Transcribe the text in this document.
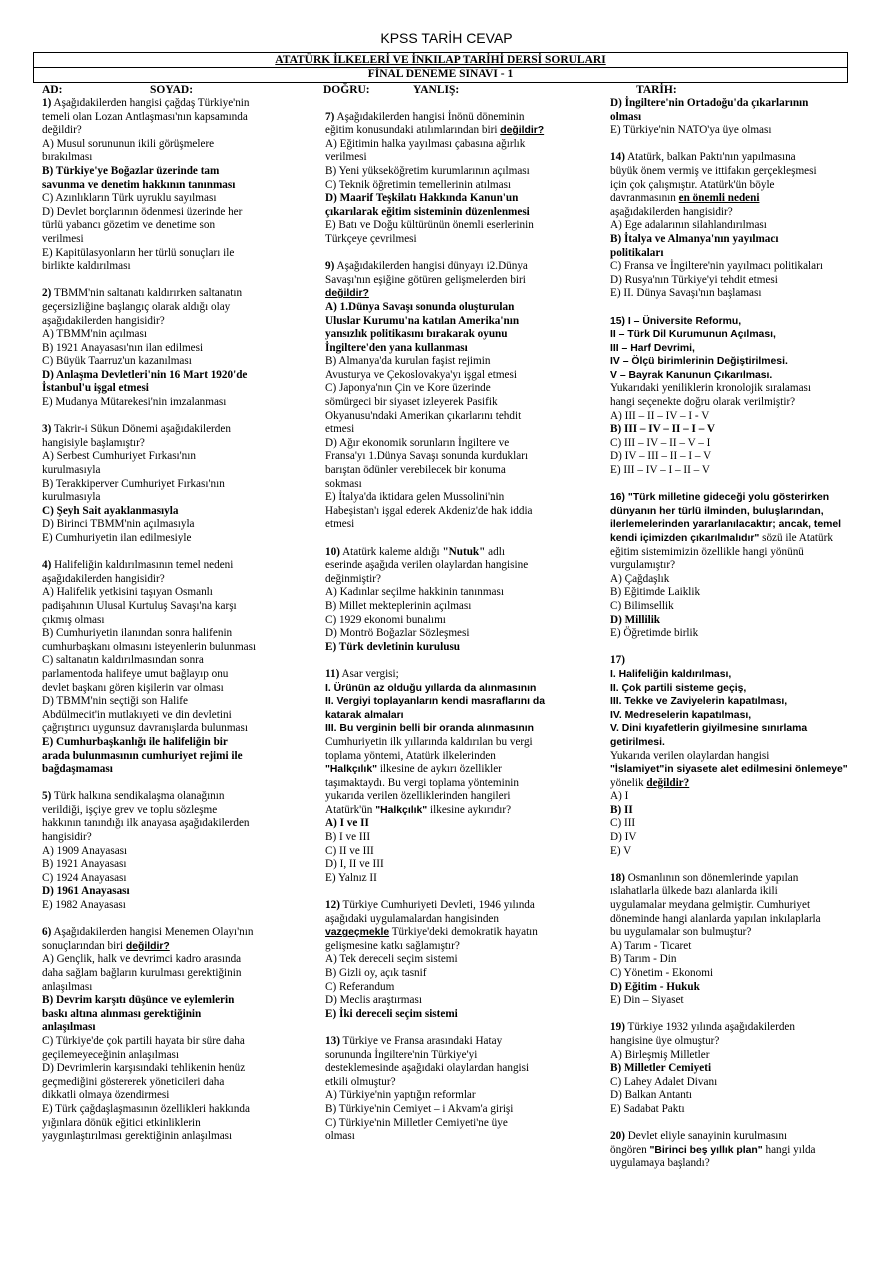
KPSS TARİH CEVAP
ATATÜRK İLKELERİ VE İNKILAP TARİHİ DERSİ SORULARI
FİNAL DENEME SINAVI - 1
AD:	SOYAD:	DOĞRU:	YANLIŞ:	TARİH:
1) Aşağıdakilerden hangisi çağdaş Türkiye'nin
temeli olan Lozan Antlaşması'nın kapsamında
değildir?
A) Musul sorununun ikili görüşmelere
bırakılması
B) Türkiye'ye Boğazlar üzerinde tam
savunma ve denetim hakkının tanınması
C) Azınlıkların Türk uyruklu sayılması
D) Devlet borçlarının ödenmesi üzerinde her
türlü yabancı gözetim ve denetime son
verilmesi
E) Kapitülasyonların her türlü sonuçları ile
birlikte kaldırılması
2) TBMM'nin saltanatı kaldırırken saltanatın
geçersizliğine başlangıç olarak aldığı olay
aşağıdakilerden hangisidir?
A) TBMM'nin açılması
B) 1921 Anayasası'nın ilan edilmesi
C) Büyük Taarruz'un kazanılması
D) Anlaşma Devletleri'nin 16 Mart 1920'de
İstanbul'u işgal etmesi
E) Mudanya Mütarekesi'nin imzalanması
3) Takrir-i Sükun Dönemi aşağıdakilerden
hangisiyle başlamıştır?
A) Serbest Cumhuriyet Fırkası'nın
kurulmasıyla
B) Terakkiperver Cumhuriyet Fırkası'nın
kurulmasıyla
C) Şeyh Sait ayaklanmasıyla
D) Birinci TBMM'nin açılmasıyla
E) Cumhuriyetin ilan edilmesiyle
4) Halifeliğin kaldırılmasının temel nedeni
aşağıdakilerden hangisidir?
A) Halifelik yetkisini taşıyan Osmanlı
padişahının Ulusal Kurtuluş Savaşı'na karşı
çıkmış olması
B) Cumhuriyetin ilanından sonra halifenin
cumhurbaşkanı olmasını isteyenlerin bulunması
C) saltanatın kaldırılmasından sonra
parlamentoda halifeye umut bağlayıp onu
devlet başkanı gören kişilerin var olması
D) TBMM'nin seçtiği son Halife
Abdülmecit'in mutlakıyeti ve din devletini
çağrıştırıcı uygunsuz davranışlarda bulunması
E) Cumhurbaşkanlığı ile halifeliğin bir
arada bulunmasının cumhuriyet rejimi ile
bağdaşmaması
5) Türk halkına sendikalaşma olanağının
verildiği, işçiye grev ve toplu sözleşme
hakkının tanındığı ilk anayasa aşağıdakilerden
hangisidir?
A) 1909 Anayasası
B) 1921 Anayasası
C) 1924 Anayasası
D) 1961 Anayasası
E) 1982 Anayasası
6) Aşağıdakilerden hangisi Menemen Olayı'nın
sonuçlarından biri değildir?
A) Gençlik, halk ve devrimci kadro arasında
daha sağlam bağların kurulması gerektiğinin
anlaşılması
B) Devrim karşıtı düşünce ve eylemlerin
baskı altına alınması gerektiğinin
anlaşılması
C) Türkiye'de çok partili hayata bir süre daha
geçilemeyeceğinin anlaşılması
D) Devrimlerin karşısındaki tehlikenin henüz
geçmediğini göstererek yöneticileri daha
dikkatli olmaya özendirmesi
E) Türk çağdaşlaşmasının özellikleri hakkında
yığınlara dönük eğitici etkinliklerin
yaygınlaştırılması gerektiğinin anlaşılması
7) Aşağıdakilerden hangisi İnönü döneminin
eğitim konusundaki atılımlarından biri değildir?
A) Eğitimin halka yayılması çabasına ağırlık
verilmesi
B) Yeni yükseköğretim kurumlarının açılması
C) Teknik öğretimin temellerinin atılması
D) Maarif Teşkilatı Hakkında Kanun'un
çıkarılarak eğitim sisteminin düzenlenmesi
E) Batı ve Doğu kültürünün önemli eserlerinin
Türkçeye çevrilmesi
9) Aşağıdakilerden hangisi dünyayı i2.Dünya
Savaşı'nın eşiğine götüren gelişmelerden biri
değildir?
A) 1.Dünya Savaşı sonunda oluşturulan
Uluslar Kurumu'na katılan Amerika'nın
yansızlık politikasını bırakarak oyunu
İngiltere'den yana kullanması
B) Almanya'da kurulan faşist rejimin
Avusturya ve Çekoslovakya'yı işgal etmesi
C) Japonya'nın Çin ve Kore üzerinde
sömürgeci bir siyaset izleyerek Pasifik
Okyanusu'ndaki Amerikan çıkarlarını tehdit
etmesi
D) Ağır ekonomik sorunların İngiltere ve
Fransa'yı 1.Dünya Savaşı sonunda kurdukları
barıştan ödünler verebilecek bir konuma
sokması
E) İtalya'da iktidara gelen Mussolini'nin
Habeşistan'ı işgal ederek Akdeniz'de hak iddia
etmesi
10) Atatürk kaleme aldığı "Nutuk" adlı
eserinde aşağıda verilen olaylardan hangisine
değinmiştir?
A) Kadınlar seçilme hakkinin tanınması
B) Millet mekteplerinin açılması
C) 1929 ekonomi bunalımı
D) Montrö Boğazlar Sözleşmesi
E) Türk devletinin kurulusu
11) Asar vergisi;
I. Ürünün az olduğu yıllarda da alınmasının
II. Vergiyi toplayanların kendi masraflarını da
katarak almaları
III. Bu verginin belli bir oranda alınmasının
Cumhuriyetin ilk yıllarında kaldırılan bu vergi
toplama yöntemi, Atatürk ilkelerinden
"Halkçılık" ilkesine de aykırı özellikler
taşımaktaydı. Bu vergi toplama yönteminin
yukarıda verilen özelliklerinden hangileri
Atatürk'ün "Halkçılık" ilkesine aykırıdır?
A) I ve II
B) I ve III
C) II ve III
D) I, II ve III
E) Yalnız II
12) Türkiye Cumhuriyeti Devleti, 1946 yılında
aşağıdaki uygulamalardan hangisinden
vazgeçmekle Türkiye'deki demokratik hayatın
gelişmesine katkı sağlamıştır?
A) Tek dereceli seçim sistemi
B) Gizli oy, açık tasnif
C) Referandum
D) Meclis araştırması
E) İki dereceli seçim sistemi
13) Türkiye ve Fransa arasındaki Hatay
sorununda İngiltere'nin Türkiye'yi
desteklemesinde aşağıdaki olaylardan hangisi
etkili olmuştur?
A) Türkiye'nin yaptığın reformlar
B) Türkiye'nin Cemiyet – i Akvam'a girişi
C) Türkiye'nin Milletler Cemiyeti'ne üye
olması
D) İngiltere'nin Ortadoğu'da çıkarlarının
olması
E) Türkiye'nin NATO'ya üye olması
14) Atatürk, balkan Paktı'nın yapılmasına
büyük önem vermiş ve ittifakın gerçekleşmesi
için çok çalışmıştır. Atatürk'ün böyle
davranmasının en önemli nedeni
aşağıdakilerden hangisidir?
A) Ege adalarının silahlandırılması
B) İtalya ve Almanya'nın yayılmacı
politikaları
C) Fransa ve İngiltere'nin yayılmacı politikaları
D) Rusya'nın Türkiye'yi tehdit etmesi
E) II. Dünya Savaşı'nın başlaması
15) I – Üniversite Reformu,
II – Türk Dil Kurumunun Açılması,
III – Harf Devrimi,
IV – Ölçü birimlerinin Değiştirilmesi.
V – Bayrak Kanunun Çıkarılması.
Yukarıdaki yeniliklerin kronolojik sıralaması
hangi seçenekte doğru olarak verilmiştir?
A) III – II – IV – I - V
B) III – IV – II – I – V
C) III – IV – II – V – I
D) IV – III – II – I – V
E) III – IV – I – II – V
16) "Türk milletine gideceği yolu gösterirken
dünyanın her türlü ilminden, buluşlarından,
ilerlemelerinden yararlanılacaktır; ancak, temel
kendi içimizden çıkarılmalıdır" sözü ile Atatürk
eğitim sistemimizin özellikle hangi yönünü
vurgulamıştır?
A) Çağdaşlık
B) Eğitimde Laiklik
C) Bilimsellik
D) Millilik
E) Öğretimde birlik
17)
I. Halifeliğin kaldırılması,
II. Çok partili sisteme geçiş,
III. Tekke ve Zaviyelerin kapatılması,
IV. Medreselerin kapatılması,
V. Dini kıyafetlerin giyilmesine sınırlama
getirilmesi.
Yukarıda verilen olaylardan hangisi
"İslamiyet"in siyasete alet edilmesini önlemeye"
yönelik değildir?
A) I
B) II
C) III
D) IV
E) V
18) Osmanlının son dönemlerinde yapılan
ıslahatlarla ülkede bazı alanlarda ikili
uygulamalar meydana gelmiştir. Cumhuriyet
döneminde hangi alanlarda yapılan inkılaplarla
bu uygulamalar son bulmuştur?
A) Tarım - Ticaret
B) Tarım - Din
C) Yönetim - Ekonomi
D) Eğitim - Hukuk
E) Din – Siyaset
19) Türkiye 1932 yılında aşağıdakilerden
hangisine üye olmuştur?
A) Birleşmiş Milletler
B) Milletler Cemiyeti
C) Lahey Adalet Divanı
D) Balkan Antantı
E) Sadabat Paktı
20) Devlet eliyle sanayinin kurulmasını
öngören "Birinci beş yıllık plan" hangi yılda
uygulamaya başlandı?
